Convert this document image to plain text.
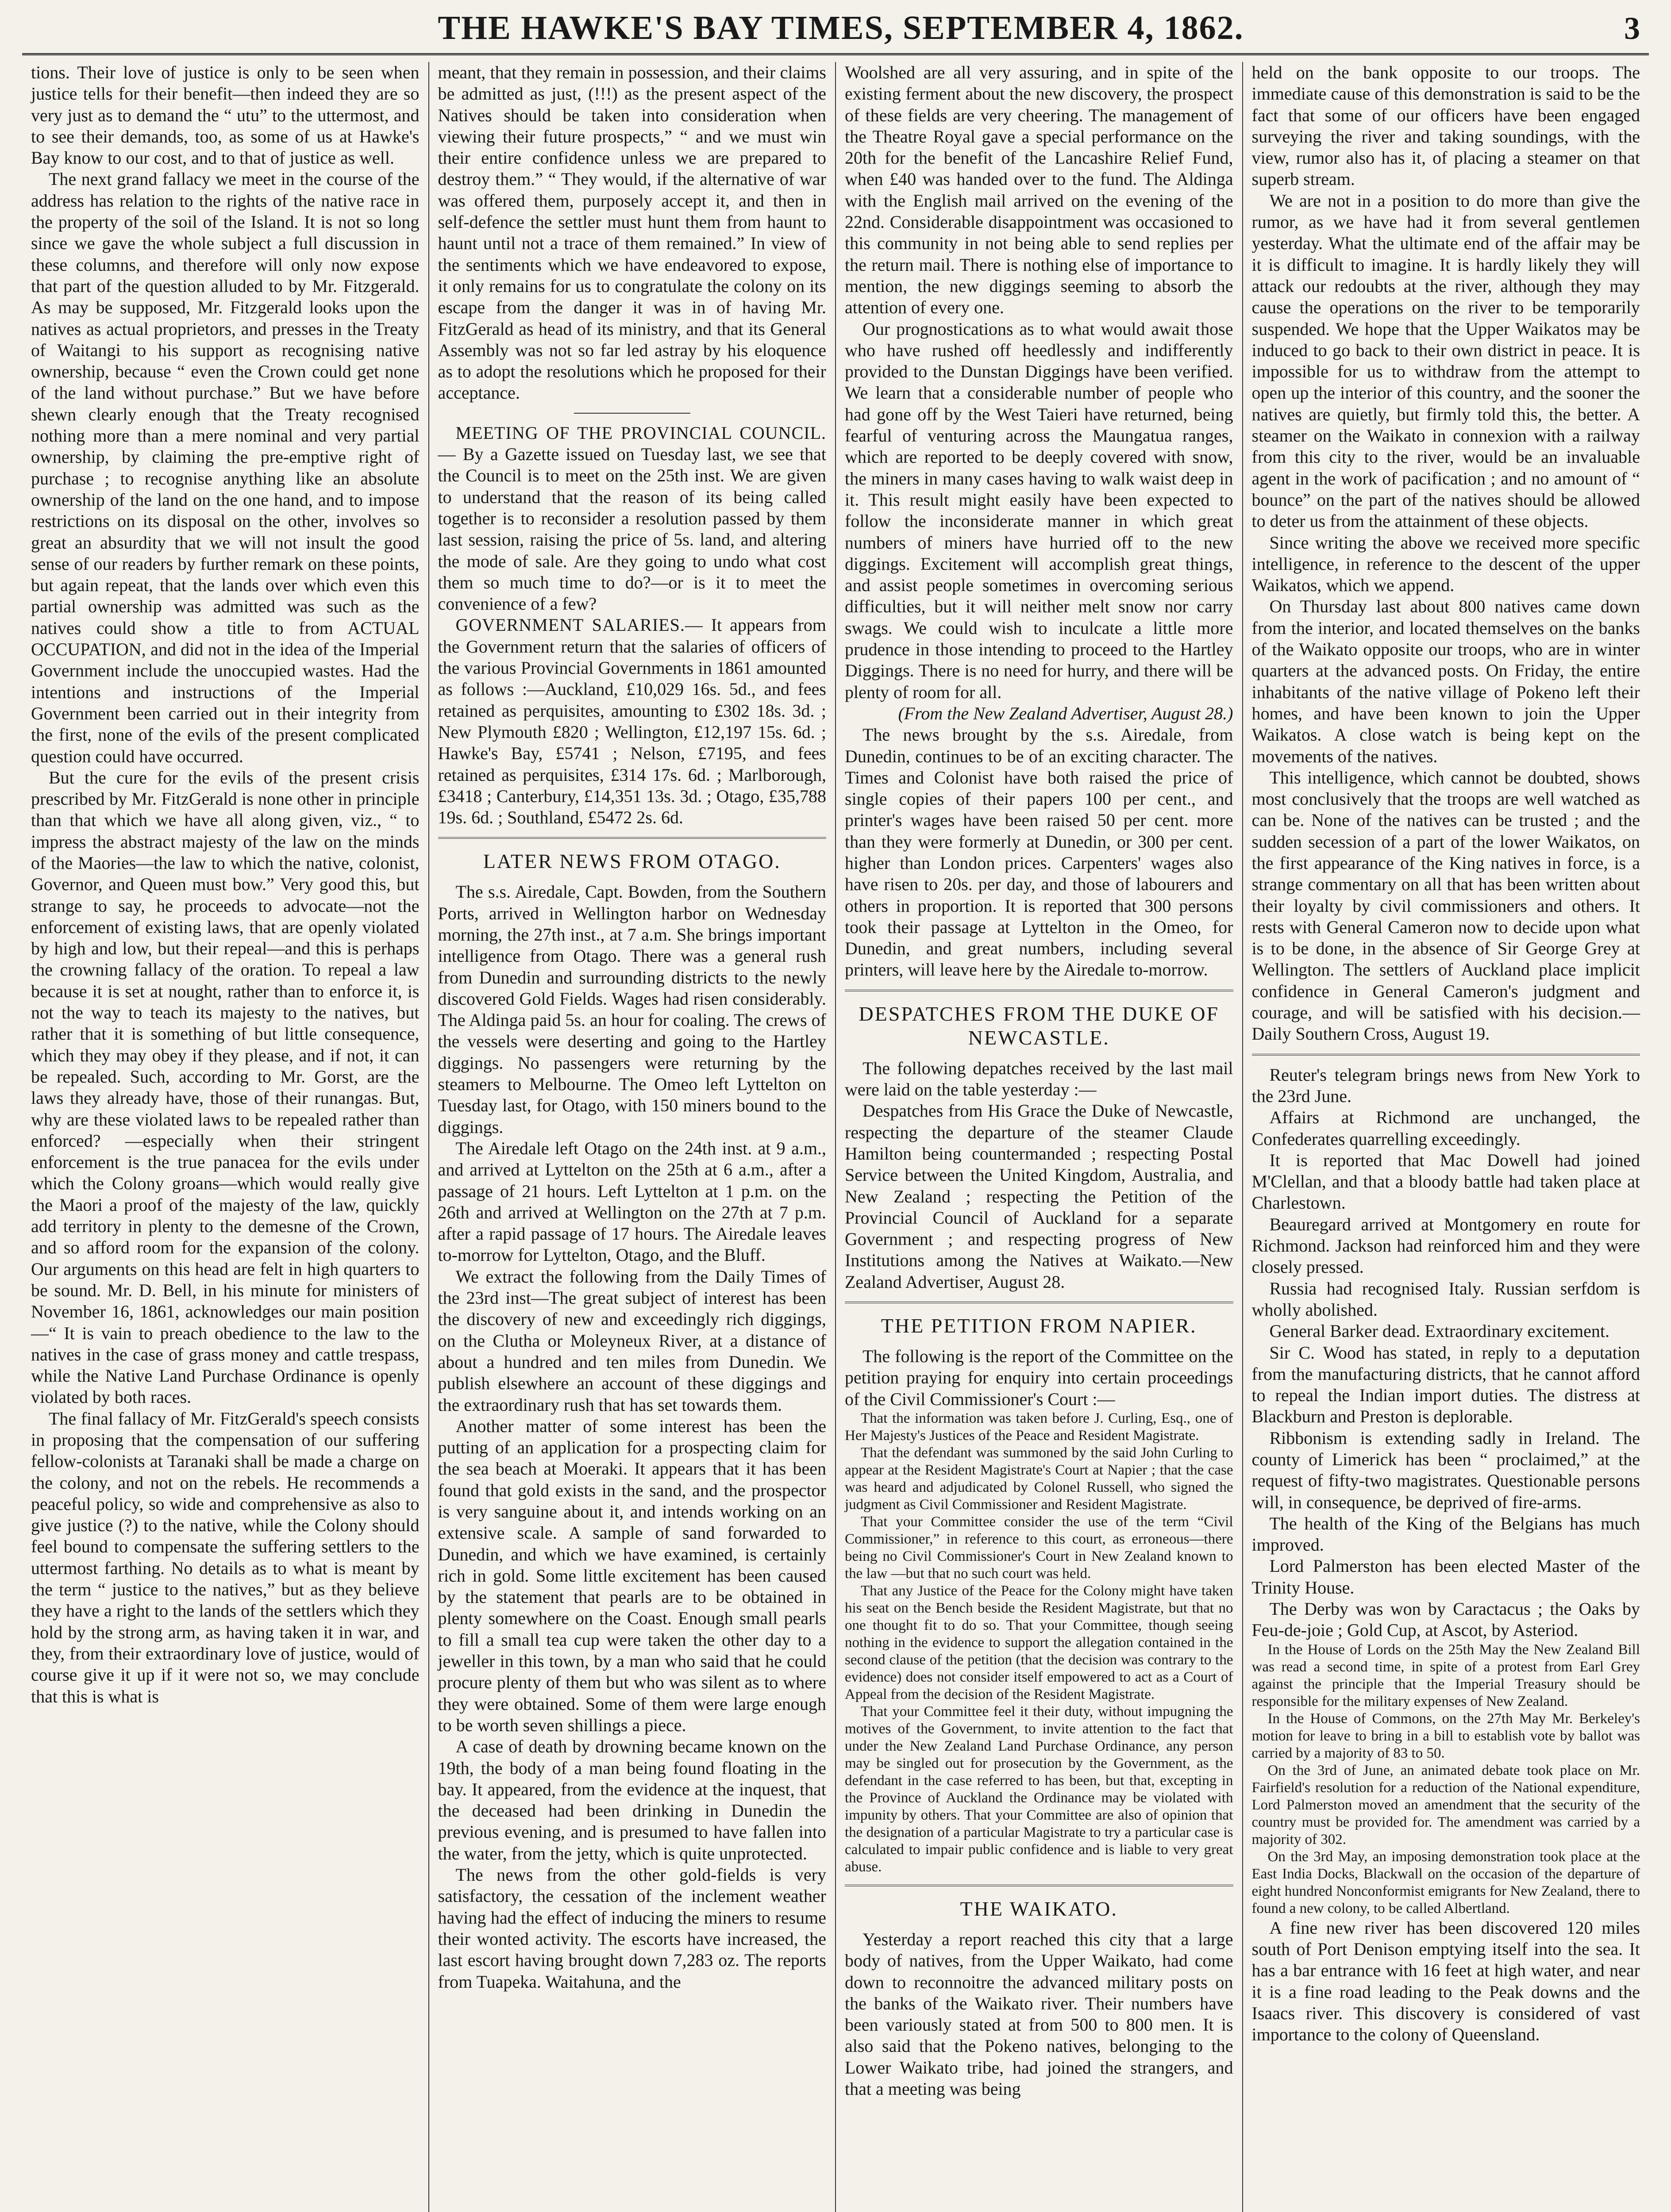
THE HAWKE'S BAY TIMES, SEPTEMBER 4, 1862.	3

tions. Their love of justice is only to be seen when justice tells for their benefit—then indeed they are so very just as to demand the “ utu” to the uttermost, and to see their demands, too, as some of us at Hawke's Bay know to our cost, and to that of justice as well.

The next grand fallacy we meet in the course of the address has relation to the rights of the native race in the property of the soil of the Island. It is not so long since we gave the whole subject a full discussion in these columns, and therefore will only now expose that part of the question alluded to by Mr. Fitzgerald. As may be supposed, Mr. Fitzgerald looks upon the natives as actual proprietors, and presses in the Treaty of Waitangi to his support as recognising native ownership, because “ even the Crown could get none of the land without purchase.” But we have before shewn clearly enough that the Treaty recognised nothing more than a mere nominal and very partial ownership, by claiming the pre-emptive right of purchase ; to recognise anything like an absolute ownership of the land on the one hand, and to impose restrictions on its disposal on the other, involves so great an absurdity that we will not insult the good sense of our readers by further remark on these points, but again repeat, that the lands over which even this partial ownership was admitted was such as the natives could show a title to from ACTUAL OCCUPATION, and did not in the idea of the Imperial Government include the unoccupied wastes. Had the intentions and instructions of the Imperial Government been carried out in their integrity from the first, none of the evils of the present complicated question could have occurred.

But the cure for the evils of the present crisis prescribed by Mr. FitzGerald is none other in principle than that which we have all along given, viz., “ to impress the abstract majesty of the law on the minds of the Maories—the law to which the native, colonist, Governor, and Queen must bow.” Very good this, but strange to say, he proceeds to advocate—not the enforcement of existing laws, that are openly violated by high and low, but their repeal—and this is perhaps the crowning fallacy of the oration. To repeal a law because it is set at nought, rather than to enforce it, is not the way to teach its majesty to the natives, but rather that it is something of but little consequence, which they may obey if they please, and if not, it can be repealed. Such, according to Mr. Gorst, are the laws they already have, those of their runangas. But, why are these violated laws to be repealed rather than enforced? —especially when their stringent enforcement is the true panacea for the evils under which the Colony groans—which would really give the Maori a proof of the majesty of the law, quickly add territory in plenty to the demesne of the Crown, and so afford room for the expansion of the colony. Our arguments on this head are felt in high quarters to be sound. Mr. D. Bell, in his minute for ministers of November 16, 1861, acknowledges our main position—“ It is vain to preach obedience to the law to the natives in the case of grass money and cattle trespass, while the Native Land Purchase Ordinance is openly violated by both races.

The final fallacy of Mr. FitzGerald's speech consists in proposing that the compensation of our suffering fellow-colonists at Taranaki shall be made a charge on the colony, and not on the rebels. He recommends a peaceful policy, so wide and comprehensive as also to give justice (?) to the native, while the Colony should feel bound to compensate the suffering settlers to the uttermost farthing. No details as to what is meant by the term “ justice to the natives,” but as they believe they have a right to the lands of the settlers which they hold by the strong arm, as having taken it in war, and they, from their extraordinary love of justice, would of course give it up if it were not so, we may conclude that this is what is

meant, that they remain in possession, and their claims be admitted as just, (!!!) as the present aspect of the Natives should be taken into consideration when viewing their future prospects,” “ and we must win their entire confidence unless we are prepared to destroy them.” “ They would, if the alternative of war was offered them, purposely accept it, and then in self-defence the settler must hunt them from haunt to haunt until not a trace of them remained.” In view of the sentiments which we have endeavored to expose, it only remains for us to congratulate the colony on its escape from the danger it was in of having Mr. FitzGerald as head of its ministry, and that its General Assembly was not so far led astray by his eloquence as to adopt the resolutions which he proposed for their acceptance.

MEETING OF THE PROVINCIAL COUNCIL.— By a Gazette issued on Tuesday last, we see that the Council is to meet on the 25th inst. We are given to understand that the reason of its being called together is to reconsider a resolution passed by them last session, raising the price of 5s. land, and altering the mode of sale. Are they going to undo what cost them so much time to do?—or is it to meet the convenience of a few?

GOVERNMENT SALARIES.— It appears from the Government return that the salaries of officers of the various Provincial Governments in 1861 amounted as follows :—Auckland, £10,029 16s. 5d., and fees retained as perquisites, amounting to £302 18s. 3d. ; New Plymouth £820 ; Wellington, £12,197 15s. 6d. ; Hawke's Bay, £5741 ; Nelson, £7195, and fees retained as perquisites, £314 17s. 6d. ; Marlborough, £3418 ; Canterbury, £14,351 13s. 3d. ; Otago, £35,788 19s. 6d. ; Southland, £5472 2s. 6d.

LATER NEWS FROM OTAGO.

The s.s. Airedale, Capt. Bowden, from the Southern Ports, arrived in Wellington harbor on Wednesday morning, the 27th inst., at 7 a.m. She brings important intelligence from Otago. There was a general rush from Dunedin and surrounding districts to the newly discovered Gold Fields. Wages had risen considerably. The Aldinga paid 5s. an hour for coaling. The crews of the vessels were deserting and going to the Hartley diggings. No passengers were returning by the steamers to Melbourne. The Omeo left Lyttelton on Tuesday last, for Otago, with 150 miners bound to the diggings.

The Airedale left Otago on the 24th inst. at 9 a.m., and arrived at Lyttelton on the 25th at 6 a.m., after a passage of 21 hours. Left Lyttelton at 1 p.m. on the 26th and arrived at Wellington on the 27th at 7 p.m. after a rapid passage of 17 hours. The Airedale leaves to-morrow for Lyttelton, Otago, and the Bluff.

We extract the following from the Daily Times of the 23rd inst—The great subject of interest has been the discovery of new and exceedingly rich diggings, on the Clutha or Moleyneux River, at a distance of about a hundred and ten miles from Dunedin. We publish elsewhere an account of these diggings and the extraordinary rush that has set towards them.

Another matter of some interest has been the putting of an application for a prospecting claim for the sea beach at Moeraki. It appears that it has been found that gold exists in the sand, and the prospector is very sanguine about it, and intends working on an extensive scale. A sample of sand forwarded to Dunedin, and which we have examined, is certainly rich in gold. Some little excitement has been caused by the statement that pearls are to be obtained in plenty somewhere on the Coast. Enough small pearls to fill a small tea cup were taken the other day to a jeweller in this town, by a man who said that he could procure plenty of them but who was silent as to where they were obtained. Some of them were large enough to be worth seven shillings a piece.

A case of death by drowning became known on the 19th, the body of a man being found floating in the bay. It appeared, from the evidence at the inquest, that the deceased had been drinking in Dunedin the previous evening, and is presumed to have fallen into the water, from the jetty, which is quite unprotected.

The news from the other gold-fields is very satisfactory, the cessation of the inclement weather having had the effect of inducing the miners to resume their wonted activity. The escorts have increased, the last escort having brought down 7,283 oz. The reports from Tuapeka. Waitahuna, and the

Woolshed are all very assuring, and in spite of the existing ferment about the new discovery, the prospect of these fields are very cheering. The management of the Theatre Royal gave a special performance on the 20th for the benefit of the Lancashire Relief Fund, when £40 was handed over to the fund. The Aldinga with the English mail arrived on the evening of the 22nd. Considerable disappointment was occasioned to this community in not being able to send replies per the return mail. There is nothing else of importance to mention, the new diggings seeming to absorb the attention of every one.

Our prognostications as to what would await those who have rushed off heedlessly and indifferently provided to the Dunstan Diggings have been verified. We learn that a considerable number of people who had gone off by the West Taieri have returned, being fearful of venturing across the Maungatua ranges, which are reported to be deeply covered with snow, the miners in many cases having to walk waist deep in it. This result might easily have been expected to follow the inconsiderate manner in which great numbers of miners have hurried off to the new diggings. Excitement will accomplish great things, and assist people sometimes in overcoming serious difficulties, but it will neither melt snow nor carry swags. We could wish to inculcate a little more prudence in those intending to proceed to the Hartley Diggings. There is no need for hurry, and there will be plenty of room for all.

(From the New Zealand Advertiser, August 28.)

The news brought by the s.s. Airedale, from Dunedin, continues to be of an exciting character. The Times and Colonist have both raised the price of single copies of their papers 100 per cent., and printer's wages have been raised 50 per cent. more than they were formerly at Dunedin, or 300 per cent. higher than London prices. Carpenters' wages also have risen to 20s. per day, and those of labourers and others in proportion. It is reported that 300 persons took their passage at Lyttelton in the Omeo, for Dunedin, and great numbers, including several printers, will leave here by the Airedale to-morrow.

DESPATCHES FROM THE DUKE OF NEWCASTLE.

The following depatches received by the last mail were laid on the table yesterday :—

Despatches from His Grace the Duke of Newcastle, respecting the departure of the steamer Claude Hamilton being countermanded ; respecting Postal Service between the United Kingdom, Australia, and New Zealand ; respecting the Petition of the Provincial Council of Auckland for a separate Government ; and respecting progress of New Institutions among the Natives at Waikato.—New Zealand Advertiser, August 28.

THE PETITION FROM NAPIER.

The following is the report of the Committee on the petition praying for enquiry into certain proceedings of the Civil Commissioner's Court :—

That the information was taken before J. Curling, Esq., one of Her Majesty's Justices of the Peace and Resident Magistrate.

That the defendant was summoned by the said John Curling to appear at the Resident Magistrate's Court at Napier ; that the case was heard and adjudicated by Colonel Russell, who signed the judgment as Civil Commissioner and Resident Magistrate.

That your Committee consider the use of the term “Civil Commissioner,” in reference to this court, as erroneous—there being no Civil Commissioner's Court in New Zealand known to the law —but that no such court was held.

That any Justice of the Peace for the Colony might have taken his seat on the Bench beside the Resident Magistrate, but that no one thought fit to do so. That your Committee, though seeing nothing in the evidence to support the allegation contained in the second clause of the petition (that the decision was contrary to the evidence) does not consider itself empowered to act as a Court of Appeal from the decision of the Resident Magistrate.

That your Committee feel it their duty, without impugning the motives of the Government, to invite attention to the fact that under the New Zealand Land Purchase Ordinance, any person may be singled out for prosecution by the Government, as the defendant in the case referred to has been, but that, excepting in the Province of Auckland the Ordinance may be violated with impunity by others. That your Committee are also of opinion that the designation of a particular Magistrate to try a particular case is calculated to impair public confidence and is liable to very great abuse.

THE WAIKATO.

Yesterday a report reached this city that a large body of natives, from the Upper Waikato, had come down to reconnoitre the advanced military posts on the banks of the Waikato river. Their numbers have been variously stated at from 500 to 800 men. It is also said that the Pokeno natives, belonging to the Lower Waikato tribe, had joined the strangers, and that a meeting was being

held on the bank opposite to our troops. The immediate cause of this demonstration is said to be the fact that some of our officers have been engaged surveying the river and taking soundings, with the view, rumor also has it, of placing a steamer on that superb stream.

We are not in a position to do more than give the rumor, as we have had it from several gentlemen yesterday. What the ultimate end of the affair may be it is difficult to imagine. It is hardly likely they will attack our redoubts at the river, although they may cause the operations on the river to be temporarily suspended. We hope that the Upper Waikatos may be induced to go back to their own district in peace. It is impossible for us to withdraw from the attempt to open up the interior of this country, and the sooner the natives are quietly, but firmly told this, the better. A steamer on the Waikato in connexion with a railway from this city to the river, would be an invaluable agent in the work of pacification ; and no amount of “ bounce” on the part of the natives should be allowed to deter us from the attainment of these objects.

Since writing the above we received more specific intelligence, in reference to the descent of the upper Waikatos, which we append.

On Thursday last about 800 natives came down from the interior, and located themselves on the banks of the Waikato opposite our troops, who are in winter quarters at the advanced posts. On Friday, the entire inhabitants of the native village of Pokeno left their homes, and have been known to join the Upper Waikatos. A close watch is being kept on the movements of the natives.

This intelligence, which cannot be doubted, shows most conclusively that the troops are well watched as can be. None of the natives can be trusted ; and the sudden secession of a part of the lower Waikatos, on the first appearance of the King natives in force, is a strange commentary on all that has been written about their loyalty by civil commissioners and others. It rests with General Cameron now to decide upon what is to be done, in the absence of Sir George Grey at Wellington. The settlers of Auckland place implicit confidence in General Cameron's judgment and courage, and will be satisfied with his decision.—Daily Southern Cross, August 19.

Reuter's telegram brings news from New York to the 23rd June.

Affairs at Richmond are unchanged, the Confederates quarrelling exceedingly.

It is reported that Mac Dowell had joined M'Clellan, and that a bloody battle had taken place at Charlestown.

Beauregard arrived at Montgomery en route for Richmond. Jackson had reinforced him and they were closely pressed.

Russia had recognised Italy. Russian serfdom is wholly abolished.

General Barker dead. Extraordinary excitement.

Sir C. Wood has stated, in reply to a deputation from the manufacturing districts, that he cannot afford to repeal the Indian import duties. The distress at Blackburn and Preston is deplorable.

Ribbonism is extending sadly in Ireland. The county of Limerick has been “ proclaimed,” at the request of fifty-two magistrates. Questionable persons will, in consequence, be deprived of fire-arms.

The health of the King of the Belgians has much improved.

Lord Palmerston has been elected Master of the Trinity House.

The Derby was won by Caractacus ; the Oaks by Feu-de-joie ; Gold Cup, at Ascot, by Asteriod.

In the House of Lords on the 25th May the New Zealand Bill was read a second time, in spite of a protest from Earl Grey against the principle that the Imperial Treasury should be responsible for the military expenses of New Zealand.

In the House of Commons, on the 27th May Mr. Berkeley's motion for leave to bring in a bill to establish vote by ballot was carried by a majority of 83 to 50.

On the 3rd of June, an animated debate took place on Mr. Fairfield's resolution for a reduction of the National expenditure, Lord Palmerston moved an amendment that the security of the country must be provided for. The amendment was carried by a majority of 302.

On the 3rd May, an imposing demonstration took place at the East India Docks, Blackwall on the occasion of the departure of eight hundred Nonconformist emigrants for New Zealand, there to found a new colony, to be called Albertland.

A fine new river has been discovered 120 miles south of Port Denison emptying itself into the sea. It has a bar entrance with 16 feet at high water, and near it is a fine road leading to the Peak downs and the Isaacs river. This discovery is considered of vast importance to the colony of Queensland.
